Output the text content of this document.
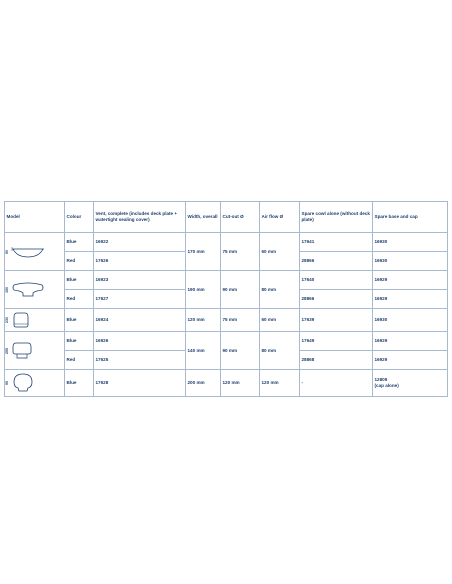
Model	Colour	Vent, complete (includes deck plate + watertight sealing cover)	Width, overall	Cut-out Ø	Air flow Ø	Spare cowl alone (without deck plate)	Spare base and cap

90	Blue	16922	170 mm	75 mm	60 mm	17641	16930
	Red	17626				28866	16930

150	Blue	16923	190 mm	90 mm	80 mm	17640	16929
	Red	17627				28866	16929

230	Blue	16924	120 mm	75 mm	60 mm	17639	16930

255	Blue	16926	140 mm	90 mm	80 mm	17649	16929
	Red	17625				28868	16929

95	Blue	17628	200 mm	120 mm	120 mm	-	12809
(cap alone)
